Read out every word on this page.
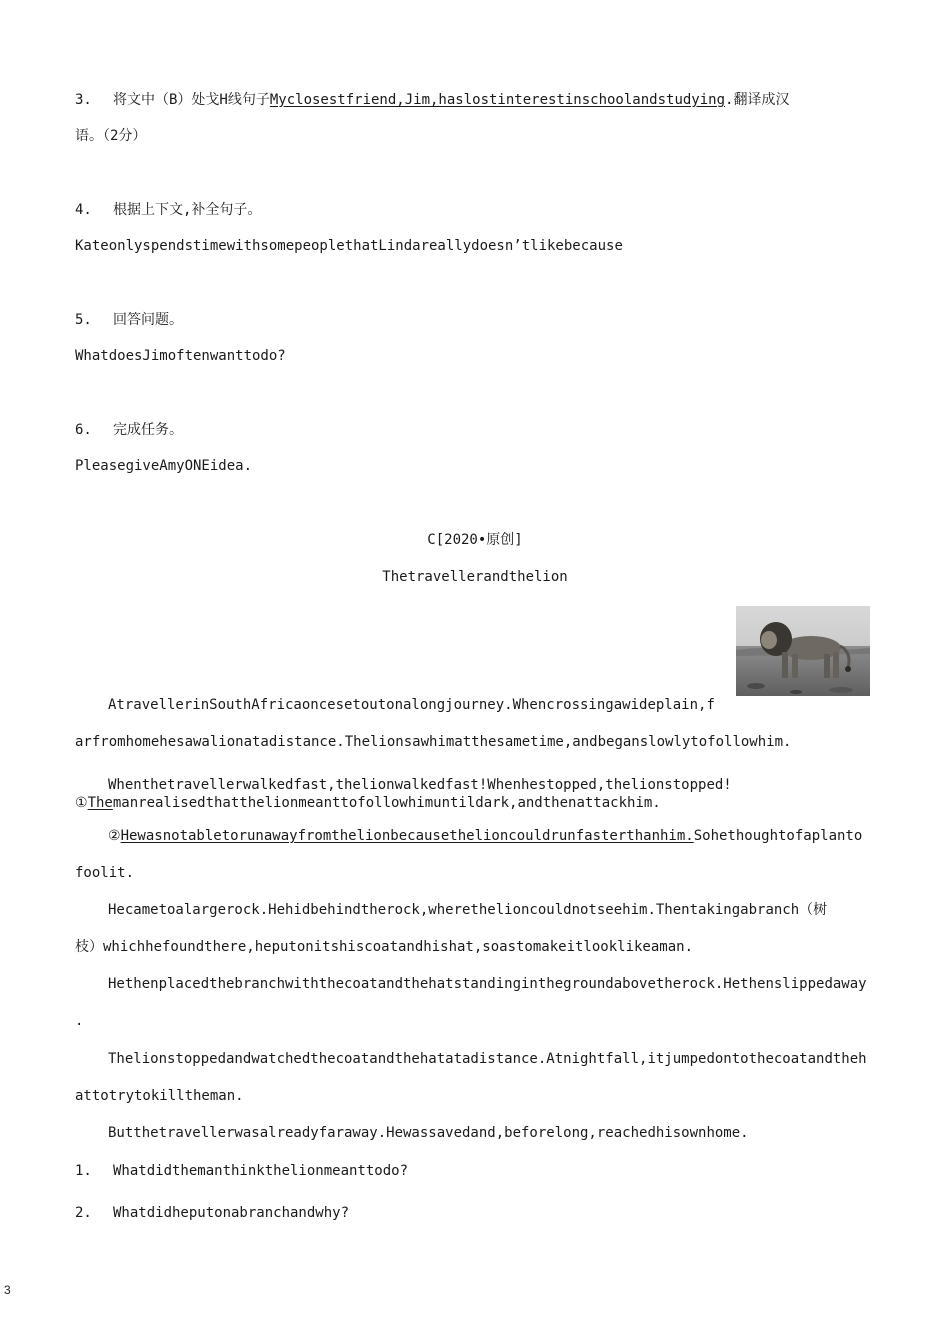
3. 将文中（B）处戈H线句子Myclosestfriend,Jim,haslostinterestinschoolandstudying.翻译成汉
语。（2分）
4. 根据上下文,补全句子。
KateonlyspendstimewithsomepeoplethatLindareallydoesn’tlikebecause
5. 回答问题。
WhatdoesJimoftenwanttodo?
6. 完成任务。
PleasegiveAmyONEidea.
C[2020•原创]
Thetravellerandthelion
AtravellerinSouthAfricaoncesetoutonalongjourney.Whencrossingawideplain,f
arfromhomehesawalionatadistance.Thelionsawhimatthesametime,andbeganslowlytofollowhim.
Whenthetravellerwalkedfast,thelionwalkedfast!Whenhestopped,thelionstopped!
①Themanrealisedthatthelionmeanttofollowhimuntildark,andthenattackhim.
②Hewasnotabletorunawayfromthelionbecausethelioncouldrunfasterthanhim.Sohethoughtofaplanto
foolit.
Hecametoalargerock.Hehidbehindtherock,wherethelioncouldnotseehim.Thentakingabranch（树
枝）whichhefoundthere,heputonitshiscoatandhishat,soastomakeitlooklikeaman.
Hethenplacedthebranchwiththecoatandthehatstandinginthegroundabovetherock.Hethenslippedaway
.
Thelionstoppedandwatchedthecoatandthehatatadistance.Atnightfall,itjumpedontothecoatandtheh
attotrytokilltheman.
Butthetravellerwasalreadyfaraway.Hewassavedand,beforelong,reachedhisownhome.
1. Whatdidthemanthinkthelionmeanttodo?
2. Whatdidheputonabranchandwhy?
3
